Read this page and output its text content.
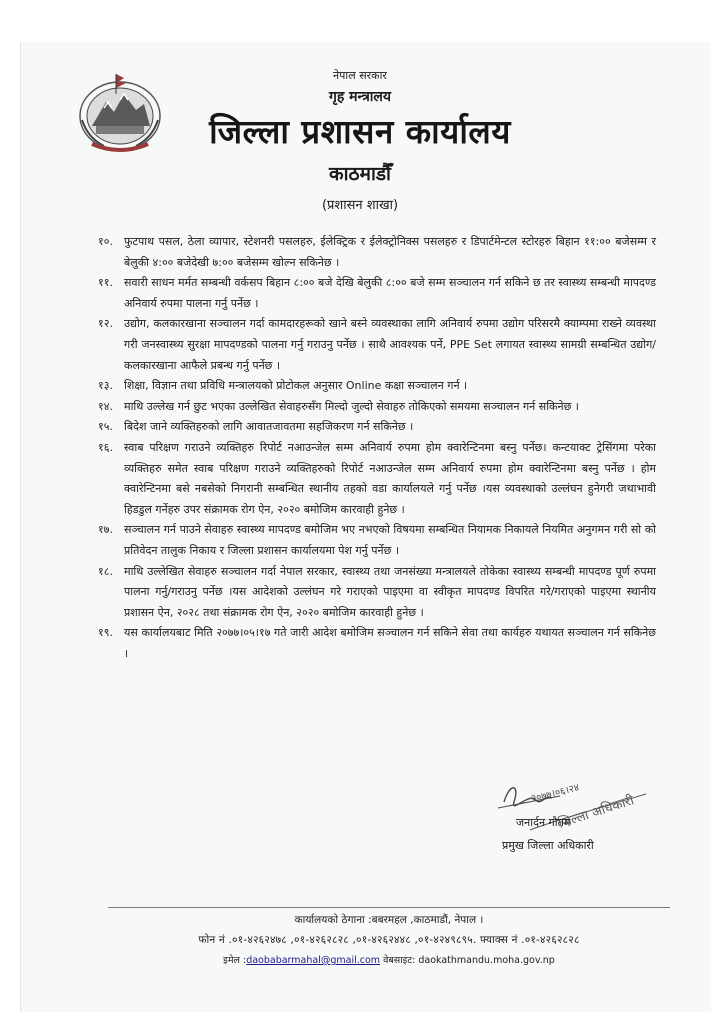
नेपाल सरकार
गृह मन्त्रालय
जिल्ला प्रशासन कार्यालय
काठमाडौँ
(प्रशासन शाखा)
१०.	फुटपाथ पसल, ठेला व्यापार, स्टेशनरी पसलहरु, ईलेक्ट्रिक र ईलेक्ट्रोनिक्स पसलहरु र डिपार्टमेन्टल स्टोरहरु बिहान ११:०० बजेसम्म र बेलुकी ४:०० बजेदेखी ७:०० बजेसम्म खोल्न सकिनेछ ।
११.	सवारी साधन मर्मत सम्बन्धी वर्कसप बिहान ८:०० बजे देखि बेलुकी ८:०० बजे सम्म सञ्चालन गर्न सकिने छ तर स्वास्थ्य सम्बन्धी मापदण्ड अनिवार्य रुपमा पालना गर्नु पर्नेछ ।
१२.	उद्योग, कलकारखाना सञ्चालन गर्दा कामदारहरूको खाने बस्ने व्यवस्थाका लागि अनिवार्य रुपमा उद्योग परिसरमै क्याम्पमा राख्ने व्यवस्था गरी जनस्वास्थ्य सुरक्षा मापदण्डको पालना गर्नु गराउनु पर्नेछ । साथै आवश्यक पर्ने, PPE Set लगायत स्वास्थ्य सामग्री सम्बन्धित उद्योग/कलकारखाना आफैले प्रबन्ध गर्नु पर्नेछ ।
१३.	शिक्षा, विज्ञान तथा प्रविधि मन्त्रालयको प्रोटोकल अनुसार Online कक्षा सञ्चालन गर्न ।
१४.	माथि उल्लेख गर्न छुट भएका उल्लेखित सेवाहरुसँग मिल्दो जुल्दो सेवाहरु तोकिएको समयमा सञ्चालन गर्न सकिनेछ ।
१५.	बिदेश जाने व्यक्तिहरुको लागि आवातजावतमा सहजिकरण गर्न सकिनेछ ।
१६.	स्वाब परिक्षण गराउने व्यक्तिहरु रिपोर्ट नआउन्जेल सम्म अनिवार्य रुपमा होम क्वारेन्टिनमा बस्नु पर्नेछ। कन्टयाक्ट ट्रेसिंगमा परेका व्यक्तिहरु समेत स्वाब परिक्षण गराउने व्यक्तिहरुको रिपोर्ट नआउन्जेल सम्म अनिवार्य रुपमा होम क्वारेन्टिनमा बस्नु पर्नेछ । होम क्वारेन्टिनमा बसे नबसेको निगरानी सम्बन्धित स्थानीय तहको वडा कार्यालयले गर्नु पर्नेछ ।यस व्यवस्थाको उल्लंघन हुनेगरी जथाभावी हिडडुल गर्नेहरु उपर संक्रामक रोग ऐन, २०२० बमोजिम कारवाही हुनेछ ।
१७.	सञ्चालन गर्न पाउने सेवाहरु स्वास्थ्य मापदण्ड बमोजिम भए नभएको विषयमा सम्बन्धित नियामक निकायले नियमित अनुगमन गरी सो को प्रतिवेदन तालुक निकाय र जिल्ला प्रशासन कार्यालयमा पेश गर्नु पर्नेछ ।
१८.	माथि उल्लेखित सेवाहरु सञ्चालन गर्दा नेपाल सरकार, स्वास्थ्य तथा जनसंख्या मन्त्रालयले तोकेका स्वास्थ्य सम्बन्धी मापदण्ड पूर्ण रुपमा पालना गर्नु/गराउनु पर्नेछ ।यस आदेशको उल्लंघन गरे गराएको पाइएमा वा स्वीकृत मापदण्ड विपरित गरे/गराएको पाइएमा स्थानीय प्रशासन ऐन, २०२८ तथा संक्रामक रोग ऐन, २०२० बमोजिम कारवाही हुनेछ ।
१९.	यस कार्यालयबाट मिति २०७७।०५।१७ गते जारी आदेश बमोजिम सञ्चालन गर्न सकिने सेवा तथा कार्यहरु यथायत सञ्चालन गर्न सकिनेछ ।
२०७७।०६।२४
जिल्ला अधिकारी
जनार्दन गौतम
प्रमुख जिल्ला अधिकारी
कार्यालयको ठेगाना :बबरमहल ,काठमाडौं, नेपाल ।
फोन नं .०१-४२६२४७८ ,०१-४२६२८२८ ,०१-४२६२४४८ ,०१-४२४९८९५. फ्याक्स नं .०१-४२६२८२८
इमेल :daobabarmahal@gmail.com वेबसाइट: daokathmandu.moha.gov.np
